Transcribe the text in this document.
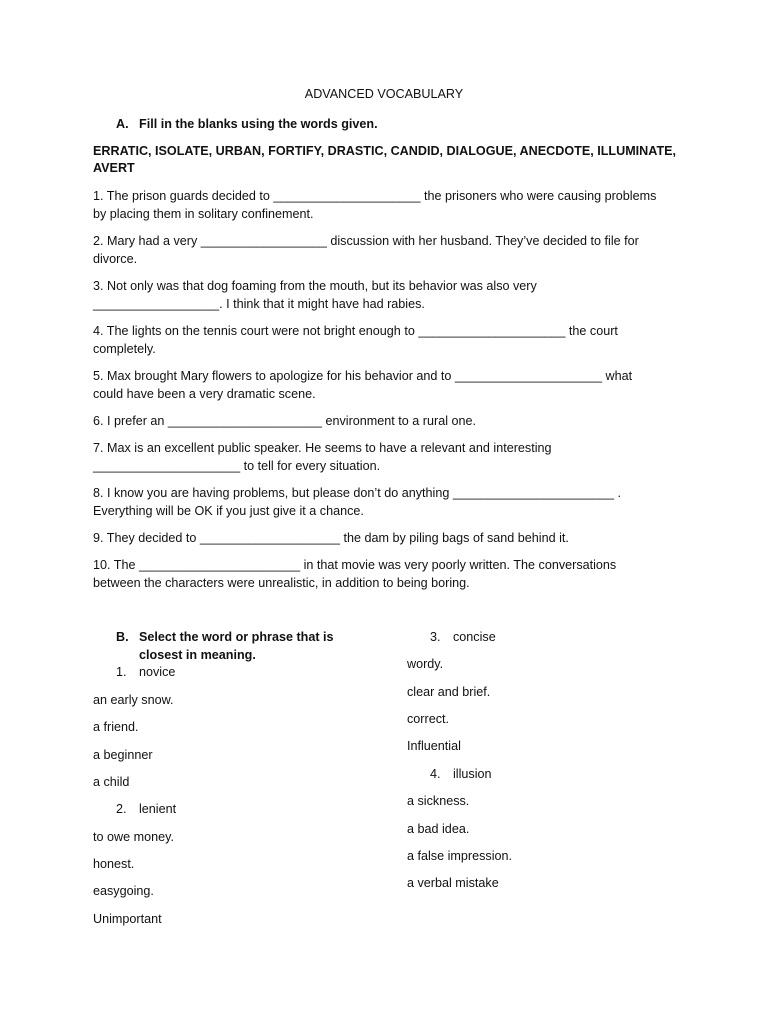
ADVANCED VOCABULARY
A. Fill in the blanks using the words given.
ERRATIC, ISOLATE, URBAN, FORTIFY, DRASTIC, CANDID, DIALOGUE, ANECDOTE, ILLUMINATE,
AVERT
1. The prison guards decided to _____________________ the prisoners who were causing problems
by placing them in solitary confinement.
2. Mary had a very __________________ discussion with her husband. They’ve decided to file for
divorce.
3. Not only was that dog foaming from the mouth, but its behavior was also very
__________________. I think that it might have had rabies.
4. The lights on the tennis court were not bright enough to _____________________ the court
completely.
5. Max brought Mary flowers to apologize for his behavior and to _____________________ what
could have been a very dramatic scene.
6. I prefer an ______________________ environment to a rural one.
7. Max is an excellent public speaker. He seems to have a relevant and interesting
_____________________ to tell for every situation.
8. I know you are having problems, but please don’t do anything _______________________ .
Everything will be OK if you just give it a chance.
9. They decided to ____________________ the dam by piling bags of sand behind it.
10. The _______________________ in that movie was very poorly written. The conversations
between the characters were unrealistic, in addition to being boring.
B. Select the word or phrase that is
closest in meaning.
1. novice
an early snow.
a friend.
a beginner
a child
2. lenient
to owe money.
honest.
easygoing.
Unimportant
3. concise
wordy.
clear and brief.
correct.
Influential
4. illusion
a sickness.
a bad idea.
a false impression.
a verbal mistake
